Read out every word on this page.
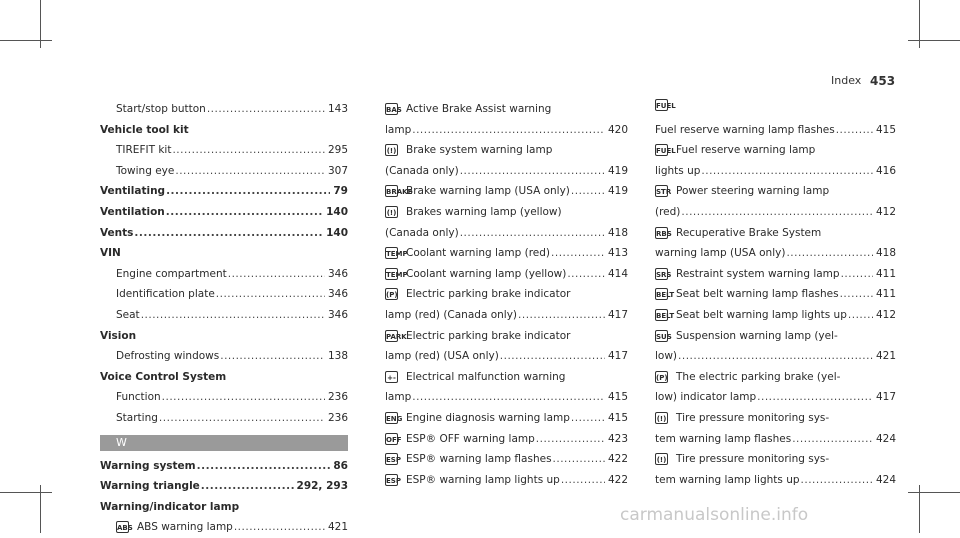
Index 453
Start/stop button .....	143
Vehicle tool kit
TIREFIT kit .....	295
Towing eye .....	307
Ventilating .....	79
Ventilation .....	140
Vents .....	140
VIN
Engine compartment .....	346
Identification plate .....	346
Seat .....	346
Vision
Defrosting windows .....	138
Voice Control System
Function .....	236
Starting .....	236
W
Warning system .....	86
Warning triangle .....	292, 293
Warning/indicator lamp
ABS ABS warning lamp .....	421
BAS Active Brake Assist warning
lamp .....	420
(!) Brake system warning lamp
(Canada only) .....	419
BRAKE
Brake warning lamp (USA only) .....	419
(!) Brakes warning lamp (yellow)
(Canada only) .....	418
TEMP
Coolant warning lamp (red) .....	413
TEMP
Coolant warning lamp (yellow) .....	414
(P) Electric parking brake indicator
lamp (red) (Canada only) .....	417
PARK Electric parking brake indicator
lamp (red) (USA only) .....	417
+- Electrical malfunction warning
lamp .....	415
ENG Engine diagnosis warning lamp .....	415
OFF ESP® OFF warning lamp .....	423
ESP ESP® warning lamp flashes .....	422
ESP ESP® warning lamp lights up .....	422
FUEL
Fuel reserve warning lamp flashes .....	415
FUEL Fuel reserve warning lamp
lights up .....	416
STR Power steering warning lamp
(red) .....	412
RBS Recuperative Brake System
warning lamp (USA only) .....	418
SRS Restraint system warning lamp .....	411
BELT Seat belt warning lamp flashes .....	411
BELT Seat belt warning lamp lights up .....	412
SUS Suspension warning lamp (yel-
low) .....	421
(P) The electric parking brake (yel-
low) indicator lamp .....	417
(!) Tire pressure monitoring sys-
tem warning lamp flashes .....	424
(!) Tire pressure monitoring sys-
tem warning lamp lights up .....	424
carmanualsonline.info
